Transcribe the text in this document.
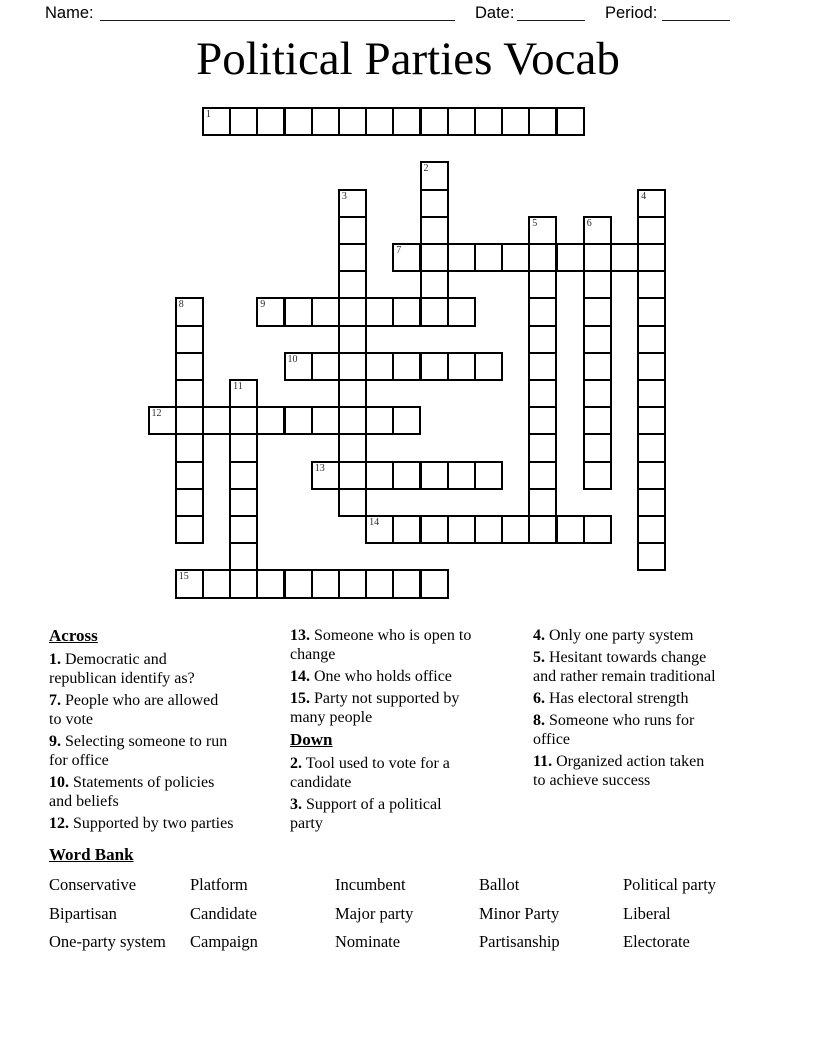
Name:	Date:	Period:
Political Parties Vocab
1
2
3	4
5	6
7
8	9
10
11
12
13
14
15
Across
1. Democratic and republican identify as?
7. People who are allowed to vote
9. Selecting someone to run for office
10. Statements of policies and beliefs
12. Supported by two parties
13. Someone who is open to change
14. One who holds office
15. Party not supported by many people
Down
2. Tool used to vote for a candidate
3. Support of a political party
4. Only one party system
5. Hesitant towards change and rather remain traditional
6. Has electoral strength
8. Someone who runs for office
11. Organized action taken to achieve success
Word Bank
Conservative	Platform	Incumbent	Ballot	Political party
Bipartisan	Candidate	Major party	Minor Party	Liberal
One-party system	Campaign	Nominate	Partisanship	Electorate
